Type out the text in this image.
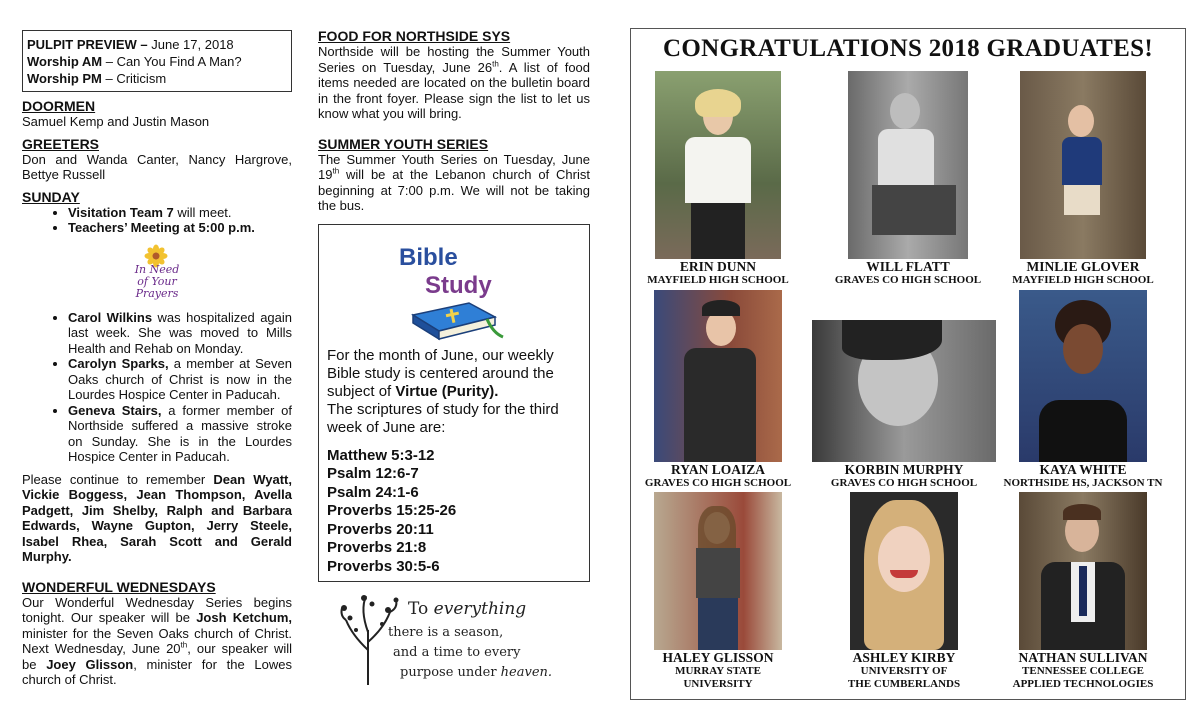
PULPIT PREVIEW – June 17, 2018
Worship AM – Can You Find A Man?
Worship PM – Criticism
DOORMEN

Samuel Kemp and Justin Mason

GREETERS

Don and Wanda Canter, Nancy Hargrove, Bettye Russell

SUNDAY
• Visitation Team 7 will meet.
• Teachers’ Meeting at 5:00 p.m.
In Need
of Your
Prayers
• Carol Wilkins was hospitalized again last week. She was moved to Mills Health and Rehab on Monday.
• Carolyn Sparks, a member at Seven Oaks church of Christ is now in the Lourdes Hospice Center in Paducah.
• Geneva Stairs, a former member of Northside suffered a massive stroke on Sunday. She is in the Lourdes Hospice Center in Paducah.

Please continue to remember Dean Wyatt, Vickie Boggess, Jean Thompson, Avella Padgett, Jim Shelby, Ralph and Barbara Edwards, Wayne Gupton, Jerry Steele, Isabel Rhea, Sarah Scott and Gerald Murphy.

WONDERFUL WEDNESDAYS

Our Wonderful Wednesday Series begins tonight. Our speaker will be Josh Ketchum, minister for the Seven Oaks church of Christ. Next Wednesday, June 20th, our speaker will be Joey Glisson, minister for the Lowes church of Christ.

FOOD FOR NORTHSIDE SYS

Northside will be hosting the Summer Youth Series on Tuesday, June 26th. A list of food items needed are located on the bulletin board in the front foyer. Please sign the list to let us know what you will bring.

SUMMER YOUTH SERIES

The Summer Youth Series on Tuesday, June 19th will be at the Lebanon church of Christ beginning at 7:00 p.m. We will not be taking the bus.

Bible
Study
For the month of June, our weekly Bible study is centered around the subject of Virtue (Purity).
The scriptures of study for the third week of June are:
Matthew 5:3-12
Psalm 12:6-7
Psalm 24:1-6
Proverbs 15:25-26
Proverbs 20:11
Proverbs 21:8
Proverbs 30:5-6
To everything
there is a season,
and a time to every
purpose under heaven.
CONGRATULATIONS 2018 GRADUATES!
ERIN DUNN
MAYFIELD HIGH SCHOOL
WILL FLATT
GRAVES CO HIGH SCHOOL
MINLIE GLOVER
MAYFIELD HIGH SCHOOL
RYAN LOAIZA
GRAVES CO HIGH SCHOOL
KORBIN MURPHY
GRAVES CO HIGH SCHOOL
KAYA WHITE
NORTHSIDE HS, JACKSON TN
HALEY GLISSON
MURRAY STATE
UNIVERSITY
ASHLEY KIRBY
UNIVERSITY OF
THE CUMBERLANDS
NATHAN SULLIVAN
TENNESSEE COLLEGE
APPLIED TECHNOLOGIES
